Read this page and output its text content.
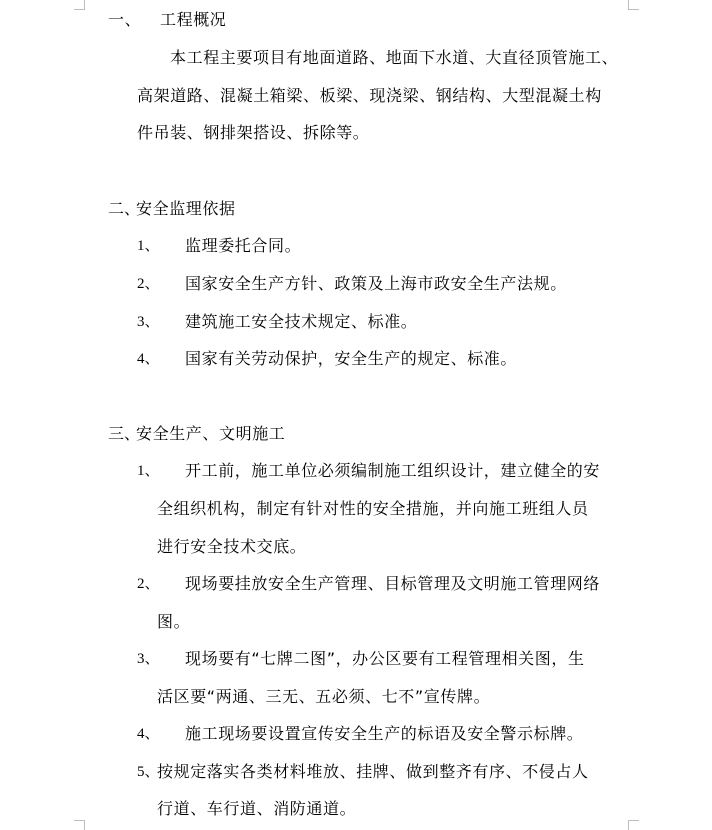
一、 工程概况
本工程主要项目有地面道路、地面下水道、大直径顶管施工、
高架道路、混凝土箱梁、板梁、现浇梁、钢结构、大型混凝土构
件吊装、钢排架搭设、拆除等。
二、
安全监理依据
1、 监理委托合同。
2、 国家安全生产方针、政策及上海市政安全生产法规。
3、 建筑施工安全技术规定、标准。
4、 国家有关劳动保护，安全生产的规定、标准。
三、
安全生产、文明施工
1、 开工前，施工单位必须编制施工组织设计，建立健全的安
全组织机构，制定有针对性的安全措施，并向施工班组人员
进行安全技术交底。
2、 现场要挂放安全生产管理、目标管理及文明施工管理网络
图。
3、 现场要有“七牌二图”，办公区要有工程管理相关图，生
活区要“两通、三无、五必须、七不”宣传牌。
4、 施工现场要设置宣传安全生产的标语及安全警示标牌。
5、
按规定落实各类材料堆放、挂牌、做到整齐有序、不侵占人
行道、车行道、消防通道。
